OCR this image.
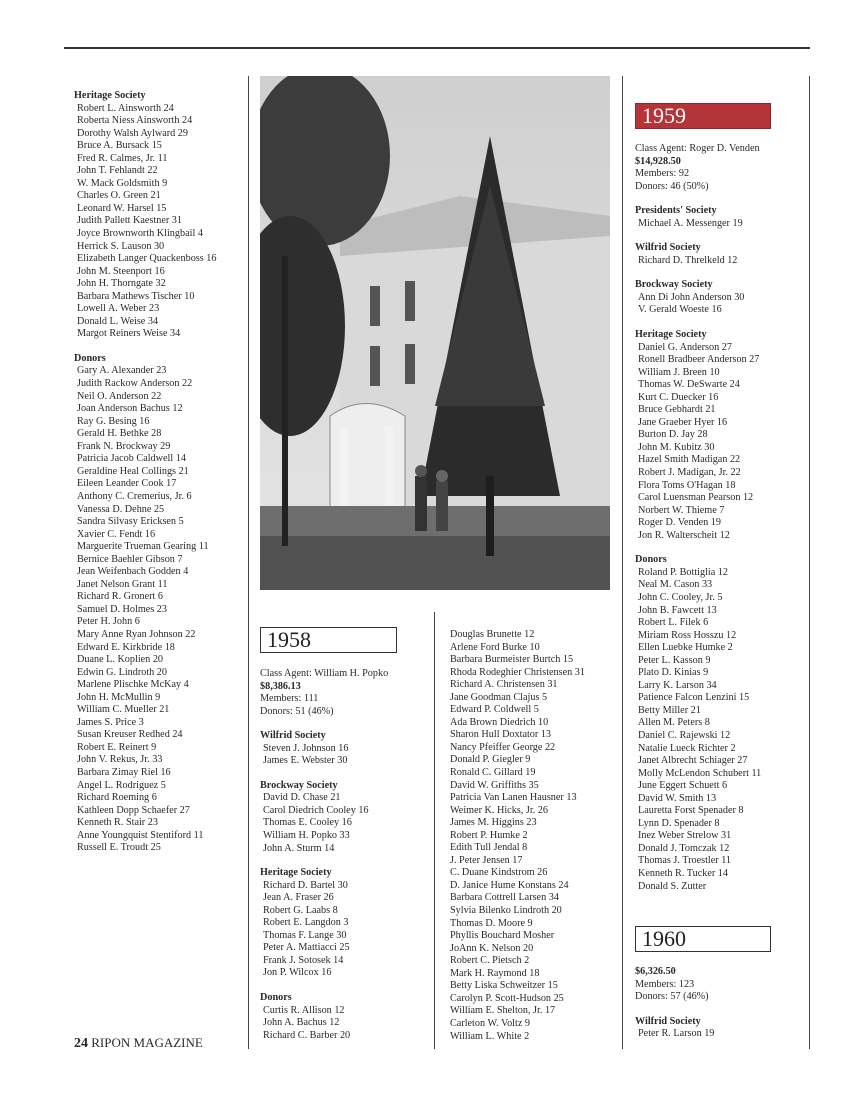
Heritage Society
Robert L. Ainsworth 24
Roberta Niess Ainsworth 24
Dorothy Walsh Aylward 29
Bruce A. Bursack 15
Fred R. Calmes, Jr. 11
John T. Fehlandt 22
W. Mack Goldsmith 9
Charles O. Green 21
Leonard W. Harsel 15
Judith Pallett Kaestner 31
Joyce Brownworth Klingbail 4
Herrick S. Lauson 30
Elizabeth Langer Quackenboss 16
John M. Steenport 16
John H. Thorngate 32
Barbara Mathews Tischer 10
Lowell A. Weber 23
Donald L. Weise 34
Margot Reiners Weise 34
Donors
Gary A. Alexander 23
Judith Rackow Anderson 22
Neil O. Anderson 22
Joan Anderson Bachus 12
Ray G. Besing 16
Gerald H. Bethke 28
Frank N. Brockway 29
Patricia Jacob Caldwell 14
Geraldine Heal Collings 21
Eileen Leander Cook 17
Anthony C. Cremerius, Jr. 6
Vanessa D. Dehne 25
Sandra Silvasy Ericksen 5
Xavier C. Fendt 16
Marguerite Trueman Gearing 11
Bernice Baehler Gibson 7
Jean Weifenbach Godden 4
Janet Nelson Grant 11
Richard R. Gronert 6
Samuel D. Holmes 23
Peter H. John 6
Mary Anne Ryan Johnson 22
Edward E. Kirkbride 18
Duane L. Koplien 20
Edwin G. Lindroth 20
Marlene Plischke McKay 4
John H. McMullin 9
William C. Mueller 21
James S. Price 3
Susan Kreuser Redhed 24
Robert E. Reinert 9
John V. Rekus, Jr. 33
Barbara Zimay Riel 16
Angel L. Rodriguez 5
Richard Roeming 6
Kathleen Dopp Schaefer 27
Kenneth R. Stair 23
Anne Youngquist Stentiford 11
Russell E. Troudt 25
1958
Class Agent: William H. Popko
$8,386.13
Members: 111
Donors: 51 (46%)
Wilfrid Society
Steven J. Johnson 16
James E. Webster 30
Brockway Society
David D. Chase 21
Carol Diedrich Cooley 16
Thomas E. Cooley 16
William H. Popko 33
John A. Sturm 14
Heritage Society
Richard D. Bartel 30
Jean A. Fraser 26
Robert G. Laabs 8
Robert E. Langdon 3
Thomas F. Lange 30
Peter A. Mattiacci 25
Frank J. Sotosek 14
Jon P. Wilcox 16
Donors
Curtis R. Allison 12
John A. Bachus 12
Richard C. Barber 20
Douglas Brunette 12
Arlene Ford Burke 10
Barbara Burmeister Burtch 15
Rhoda Rodeghier Christensen 31
Richard A. Christensen 31
Jane Goodman Clajus 5
Edward P. Coldwell 5
Ada Brown Diedrich 10
Sharon Hull Doxtator 13
Nancy Pfeiffer George 22
Donald P. Giegler 9
Ronald C. Gillard 19
David W. Griffiths 35
Patricia Van Lanen Hausner 13
Weimer K. Hicks, Jr. 26
James M. Higgins 23
Robert P. Humke 2
Edith Tull Jendal 8
J. Peter Jensen 17
C. Duane Kindstrom 26
D. Janice Hume Konstans 24
Barbara Cottrell Larsen 34
Sylvia Bilenko Lindroth 20
Thomas D. Moore 9
Phyllis Bouchard Mosher
JoAnn K. Nelson 20
Robert C. Pietsch 2
Mark H. Raymond 18
Betty Liska Schweitzer 15
Carolyn P. Scott-Hudson 25
William E. Shelton, Jr. 17
Carleton W. Voltz 9
William L. White 2
1959
Class Agent: Roger D. Venden
$14,928.50
Members: 92
Donors: 46 (50%)
Presidents' Society
Michael A. Messenger 19
Wilfrid Society
Richard D. Threlkeld 12
Brockway Society
Ann Di John Anderson 30
V. Gerald Woeste 16
Heritage Society
Daniel G. Anderson 27
Ronell Bradbeer Anderson 27
William J. Breen 10
Thomas W. DeSwarte 24
Kurt C. Duecker 16
Bruce Gebhardt 21
Jane Graeber Hyer 16
Burton D. Jay 28
John M. Kubitz 30
Hazel Smith Madigan 22
Robert J. Madigan, Jr. 22
Flora Toms O'Hagan 18
Carol Luensman Pearson 12
Norbert W. Thieme 7
Roger D. Venden 19
Jon R. Walterscheit 12
Donors
Roland P. Bottiglia 12
Neal M. Cason 33
John C. Cooley, Jr. 5
John B. Fawcett 13
Robert L. Filek 6
Miriam Ross Hosszu 12
Ellen Luebke Humke 2
Peter L. Kasson 9
Plato D. Kinias 9
Larry K. Larson 34
Patience Falcon Lenzini 15
Betty Miller 21
Allen M. Peters 8
Daniel C. Rajewski 12
Natalie Lueck Richter 2
Janet Albrecht Schiager 27
Molly McLendon Schubert 11
June Eggert Schuett 6
David W. Smith 13
Lauretta Forst Spenader 8
Lynn D. Spenader 8
Inez Weber Strelow 31
Donald J. Tomczak 12
Thomas J. Troestler 11
Kenneth R. Tucker 14
Donald S. Zutter
1960
$6,326.50
Members: 123
Donors: 57 (46%)
Wilfrid Society
Peter R. Larson 19
24 RIPON MAGAZINE
